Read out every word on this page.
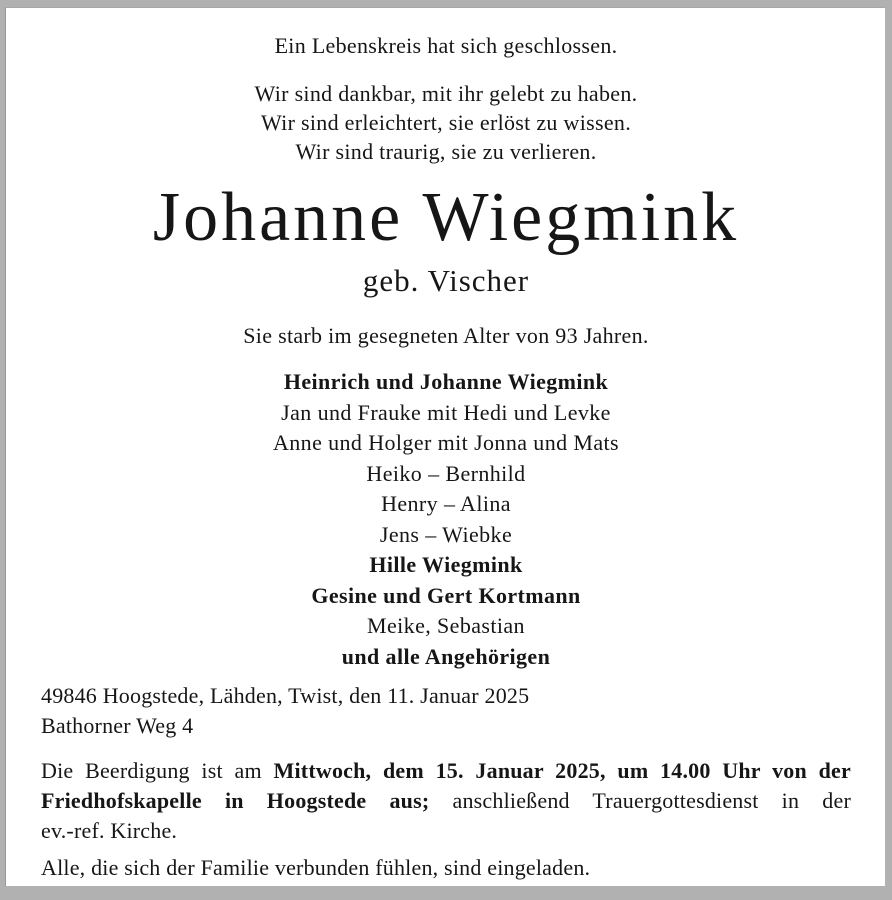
Ein Lebenskreis hat sich geschlossen.
Wir sind dankbar, mit ihr gelebt zu haben.
Wir sind erleichtert, sie erlöst zu wissen.
Wir sind traurig, sie zu verlieren.
Johanne Wiegmink
geb. Vischer
Sie starb im gesegneten Alter von 93 Jahren.
Heinrich und Johanne Wiegmink
Jan und Frauke mit Hedi und Levke
Anne und Holger mit Jonna und Mats
Heiko – Bernhild
Henry – Alina
Jens – Wiebke
Hille Wiegmink
Gesine und Gert Kortmann
Meike, Sebastian
und alle Angehörigen
49846 Hoogstede, Lähden, Twist, den 11. Januar 2025
Bathorner Weg 4
Die Beerdigung ist am Mittwoch, dem 15. Januar 2025, um 14.00 Uhr von der
Friedhofskapelle in Hoogstede aus; anschließend Trauergottesdienst in der
ev.-ref. Kirche.
Alle, die sich der Familie verbunden fühlen, sind eingeladen.
